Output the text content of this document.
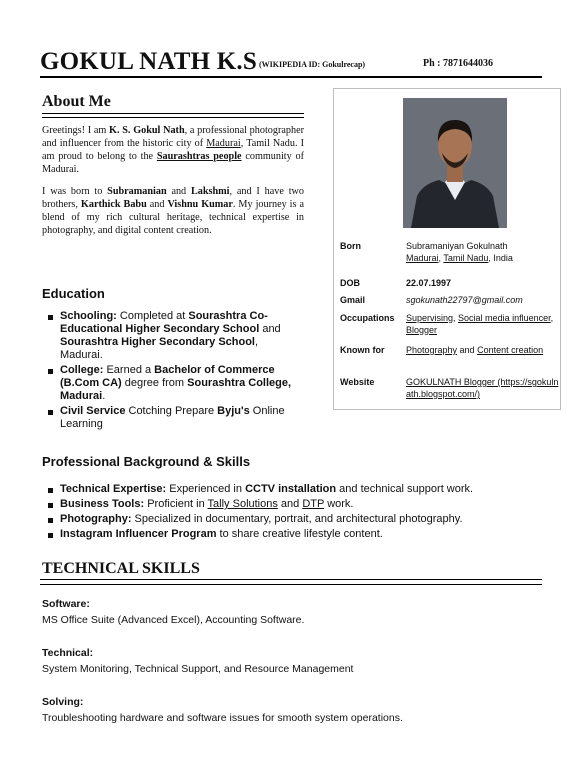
GOKUL NATH K.S (WIKIPEDIA ID: Gokulrecap)	Ph : 7871644036
About Me

Greetings! I am K. S. Gokul Nath, a professional photographer and influencer from the historic city of Madurai, Tamil Nadu. I am proud to belong to the Saurashtras people community of Madurai.

I was born to Subramanian and Lakshmi, and I have two brothers, Karthick Babu and Vishnu Kumar. My journey is a blend of my rich cultural heritage, technical expertise in photography, and digital content creation.

Born	Subramaniyan Gokulnath
Madurai, Tamil Nadu, India
DOB	22.07.1997
Gmail	sgokunath22797@gmail.com
Occupations	Supervising, Social media influencer, Blogger
Known for	Photography and Content creation
Website	GOKULNATH Blogger (https://sgokulnath.blogspot.com/)
Education
Schooling: Completed at Sourashtra Co-Educational Higher Secondary School and Sourashtra Higher Secondary School, Madurai.
College: Earned a Bachelor of Commerce (B.Com CA) degree from Sourashtra College, Madurai.
Civil Service Cotching Prepare Byju's Online Learning
Professional Background & Skills
Technical Expertise: Experienced in CCTV installation and technical support work.
Business Tools: Proficient in Tally Solutions and DTP work.
Photography: Specialized in documentary, portrait, and architectural photography.
Instagram Influencer Program to share creative lifestyle content.
TECHNICAL SKILLS
Software:
MS Office Suite (Advanced Excel), Accounting Software.
Technical:
System Monitoring, Technical Support, and Resource Management
Solving:
Troubleshooting hardware and software issues for smooth system operations.
